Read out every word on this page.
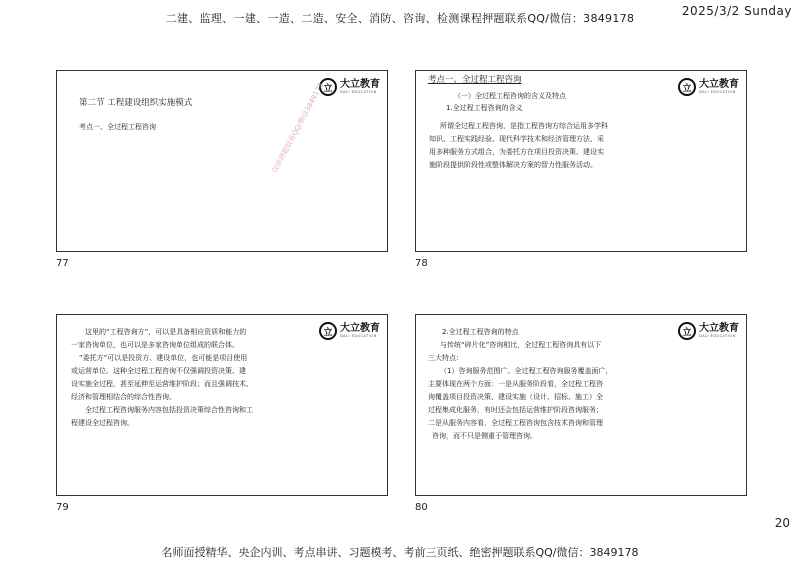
二建、监理、一建、一造、二造、安全、消防、咨询、检测课程押题联系QQ/微信：3849178
2025/3/2 Sunday
立 大立教育
DALI EDUCATION
第二节 工程建设组织实施模式
考点一、全过程工程咨询
77
立 大立教育
DALI EDUCATION
考点一、全过程工程咨询
（一）全过程工程咨询的含义及特点
1.全过程工程咨询的含义
所谓全过程工程咨询，是指工程咨询方综合运用多学科
知识、工程实践经验、现代科学技术和经济管理方法，采
用多种服务方式组合，为委托方在项目投资决策、建设实
施阶段提供阶段性或整体解决方案的智力性服务活动。
78
立 大立教育
DALI EDUCATION
这里的“工程咨询方”，可以是具备相应资质和能力的
一家咨询单位，也可以是多家咨询单位组成的联合体。
“委托方”可以是投资方、建设单位，也可能是项目使用
或运营单位。这种全过程工程咨询不仅强调投资决策、建
设实施全过程，甚至延伸至运营维护阶段；而且强调技术、
经济和管理相结合的综合性咨询。
全过程工程咨询服务内容包括投资决策综合性咨询和工
程建设全过程咨询。
79
立 大立教育
DALI EDUCATION
2.全过程工程咨询的特点
与传统“碎片化”咨询相比，全过程工程咨询具有以下
三大特点：
（1）咨询服务范围广。全过程工程咨询服务覆盖面广，
主要体现在两个方面：一是从服务阶段看，全过程工程咨
询覆盖项目投资决策、建设实施（设计、招标、施工）全
过程集成化服务，有时还会包括运营维护阶段咨询服务；
二是从服务内容看，全过程工程咨询包含技术咨询和管理
咨询，而不只是侧重于管理咨询。
80
仅供押题联系QQ/微信3849178
20
名师面授精华、央企内训、考点串讲、习题模考、考前三页纸、绝密押题联系QQ/微信：3849178
